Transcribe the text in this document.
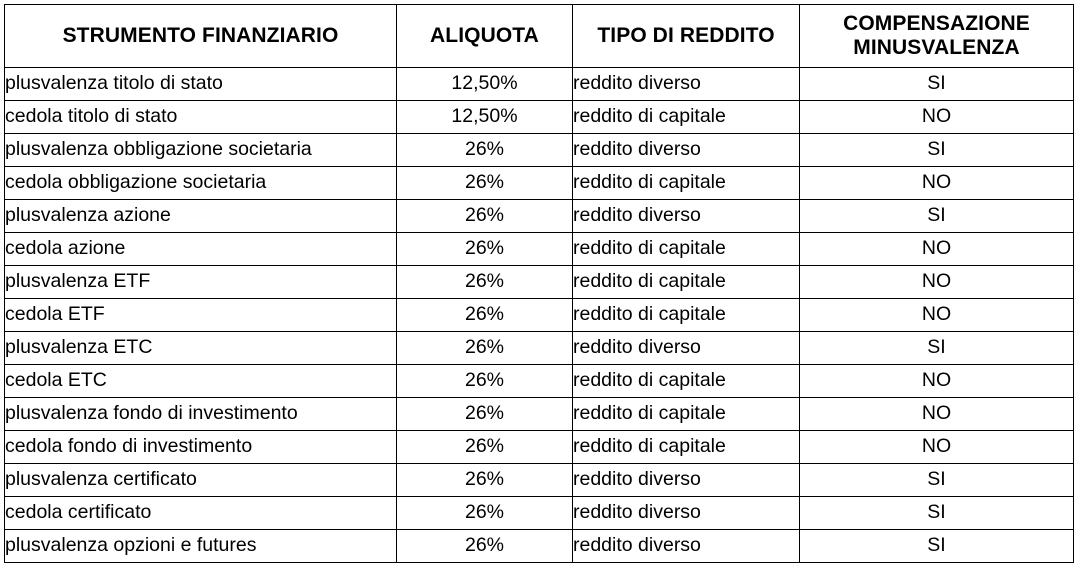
STRUMENTO FINANZIARIO	ALIQUOTA	TIPO DI REDDITO	COMPENSAZIONE
MINUSVALENZA

plusvalenza titolo di stato	12,50%	reddito diverso	SI
cedola titolo di stato	12,50%	reddito di capitale	NO
plusvalenza obbligazione societaria	26%	reddito diverso	SI
cedola obbligazione societaria	26%	reddito di capitale	NO
plusvalenza azione	26%	reddito diverso	SI
cedola azione	26%	reddito di capitale	NO
plusvalenza ETF	26%	reddito di capitale	NO
cedola ETF	26%	reddito di capitale	NO
plusvalenza ETC	26%	reddito diverso	SI
cedola ETC	26%	reddito di capitale	NO
plusvalenza fondo di investimento	26%	reddito di capitale	NO
cedola fondo di investimento	26%	reddito di capitale	NO
plusvalenza certificato	26%	reddito diverso	SI
cedola certificato	26%	reddito diverso	SI
plusvalenza opzioni e futures	26%	reddito diverso	SI
